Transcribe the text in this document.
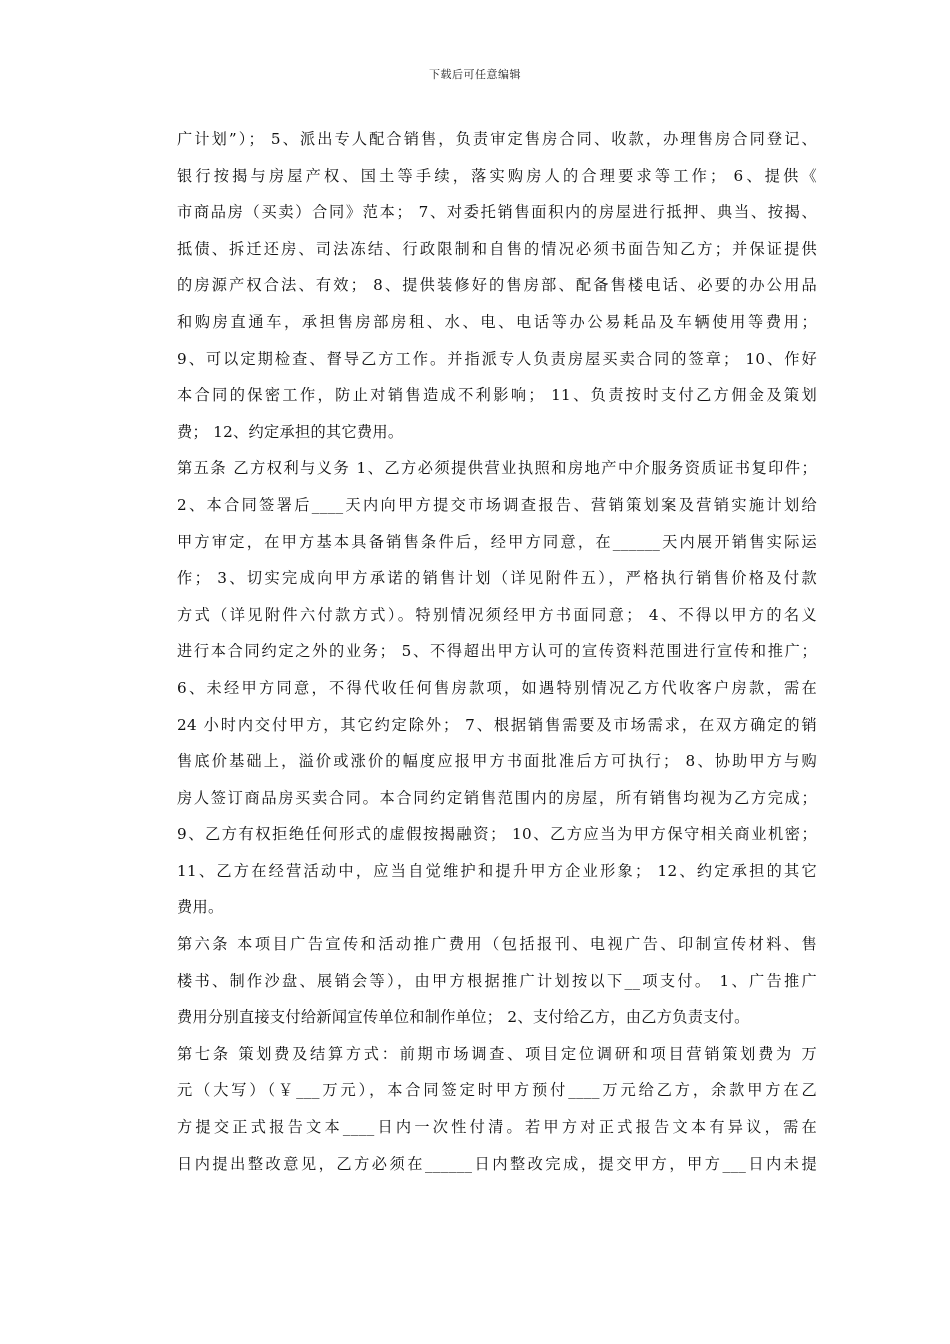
下载后可任意编辑
广计划”）； 5、派出专人配合销售，负责审定售房合同、收款，办理售房合同登记、
银行按揭与房屋产权、国土等手续，落实购房人的合理要求等工作； 6、提供《
市商品房（买卖）合同》范本； 7、对委托销售面积内的房屋进行抵押、典当、按揭、
抵债、拆迁还房、司法冻结、行政限制和自售的情况必须书面告知乙方；并保证提供
的房源产权合法、有效； 8、提供装修好的售房部、配备售楼电话、必要的办公用品
和购房直通车，承担售房部房租、水、电、电话等办公易耗品及车辆使用等费用；
9、可以定期检查、督导乙方工作。并指派专人负责房屋买卖合同的签章； 10、作好
本合同的保密工作，防止对销售造成不利影响； 11、负责按时支付乙方佣金及策划
费； 12、约定承担的其它费用。
第五条 乙方权利与义务 1、乙方必须提供营业执照和房地产中介服务资质证书复印件；
2、本合同签署后____天内向甲方提交市场调查报告、营销策划案及营销实施计划给
甲方审定，在甲方基本具备销售条件后，经甲方同意，在______天内展开销售实际运
作； 3、切实完成向甲方承诺的销售计划（详见附件五），严格执行销售价格及付款
方式（详见附件六付款方式）。特别情况须经甲方书面同意； 4、不得以甲方的名义
进行本合同约定之外的业务； 5、不得超出甲方认可的宣传资料范围进行宣传和推广；
6、未经甲方同意，不得代收任何售房款项，如遇特别情况乙方代收客户房款，需在
24 小时内交付甲方，其它约定除外； 7、根据销售需要及市场需求，在双方确定的销
售底价基础上，溢价或涨价的幅度应报甲方书面批准后方可执行； 8、协助甲方与购
房人签订商品房买卖合同。本合同约定销售范围内的房屋，所有销售均视为乙方完成；
9、乙方有权拒绝任何形式的虚假按揭融资； 10、乙方应当为甲方保守相关商业机密；
11、乙方在经营活动中，应当自觉维护和提升甲方企业形象； 12、约定承担的其它
费用。
第六条 本项目广告宣传和活动推广费用（包括报刊、电视广告、印制宣传材料、售
楼书、制作沙盘、展销会等），由甲方根据推广计划按以下__项支付。 1、广告推广
费用分别直接支付给新闻宣传单位和制作单位； 2、支付给乙方，由乙方负责支付。
第七条 策划费及结算方式：前期市场调查、项目定位调研和项目营销策划费为 万
元（大写）（￥___万元），本合同签定时甲方预付____万元给乙方，余款甲方在乙
方提交正式报告文本____日内一次性付清。若甲方对正式报告文本有异议，需在
日内提出整改意见，乙方必须在______日内整改完成，提交甲方，甲方___日内未提
